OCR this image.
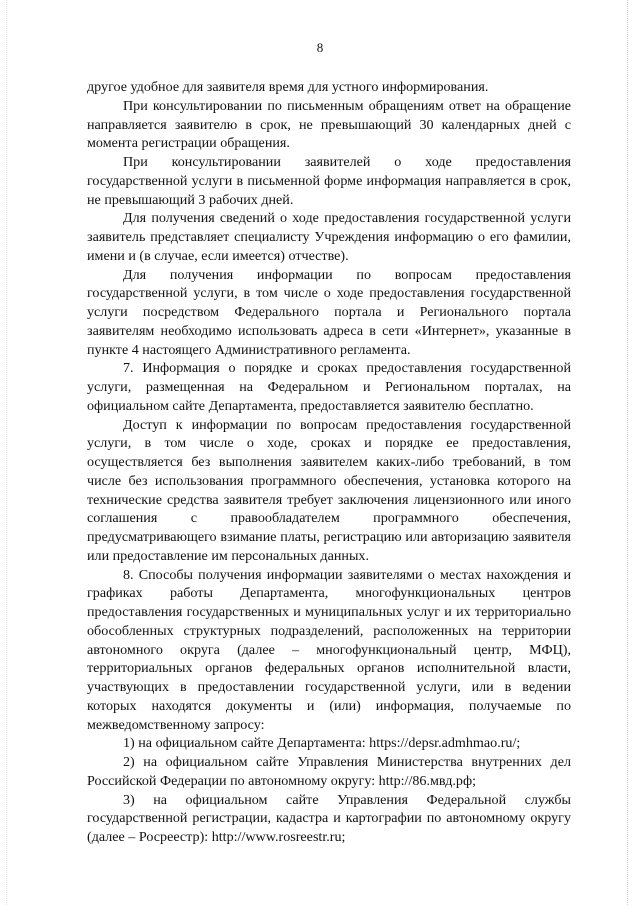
8

другое удобное для заявителя время для устного информирования.

При консультировании по письменным обращениям ответ на обращение направляется заявителю в срок, не превышающий 30 календарных дней с момента регистрации обращения.

При консультировании заявителей о ходе предоставления государственной услуги в письменной форме информация направляется в срок, не превышающий 3 рабочих дней.

Для получения сведений о ходе предоставления государственной услуги заявитель представляет специалисту Учреждения информацию о его фамилии, имени и (в случае, если имеется) отчестве).

Для получения информации по вопросам предоставления государственной услуги, в том числе о ходе предоставления государственной услуги посредством Федерального портала и Регионального портала заявителям необходимо использовать адреса в сети «Интернет», указанные в пункте 4 настоящего Административного регламента.

7. Информация о порядке и сроках предоставления государственной услуги, размещенная на Федеральном и Региональном порталах, на официальном сайте Департамента, предоставляется заявителю бесплатно.

Доступ к информации по вопросам предоставления государственной услуги, в том числе о ходе, сроках и порядке ее предоставления, осуществляется без выполнения заявителем каких-либо требований, в том числе без использования программного обеспечения, установка которого на технические средства заявителя требует заключения лицензионного или иного соглашения с правообладателем программного обеспечения, предусматривающего взимание платы, регистрацию или авторизацию заявителя или предоставление им персональных данных.

8. Способы получения информации заявителями о местах нахождения и графиках работы Департамента, многофункциональных центров предоставления государственных и муниципальных услуг и их территориально обособленных структурных подразделений, расположенных на территории автономного округа (далее – многофункциональный центр, МФЦ), территориальных органов федеральных органов исполнительной власти, участвующих в предоставлении государственной услуги, или в ведении которых находятся документы и (или) информация, получаемые по межведомственному запросу:

1) на официальном сайте Департамента: https://depsr.admhmao.ru/;

2) на официальном сайте Управления Министерства внутренних дел Российской Федерации по автономному округу: http://86.мвд.рф;

3) на официальном сайте Управления Федеральной службы государственной регистрации, кадастра и картографии по автономному округу (далее – Росреестр): http://www.rosreestr.ru;
